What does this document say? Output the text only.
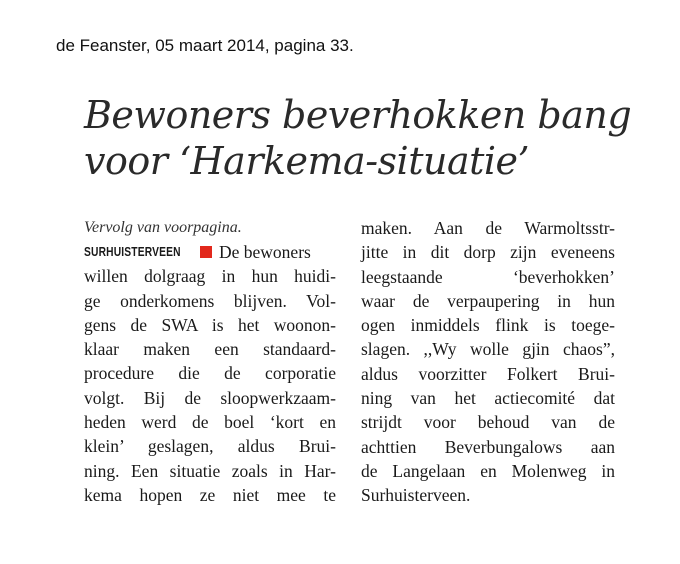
de Feanster, 05 maart 2014, pagina 33.
Bewoners beverhokken bang
voor ‘Harkema-situatie’
Vervolg van voorpagina.
SURHUISTERVEEN De bewoners
willen dolgraag in hun huidi-
ge onderkomens blijven. Vol-
gens de SWA is het woonon-
klaar maken een standaard-
procedure die de corporatie
volgt. Bij de sloopwerkzaam-
heden werd de boel ‘kort en
klein’ geslagen, aldus Brui-
ning. Een situatie zoals in Har-
kema hopen ze niet mee te
maken. Aan de Warmoltsstr-
jitte in dit dorp zijn eveneens
leegstaande ‘beverhokken’
waar de verpaupering in hun
ogen inmiddels flink is toege-
slagen. ,,Wy wolle gjin chaos”,
aldus voorzitter Folkert Brui-
ning van het actiecomité dat
strijdt voor behoud van de
achttien Beverbungalows aan
de Langelaan en Molenweg in
Surhuisterveen.
